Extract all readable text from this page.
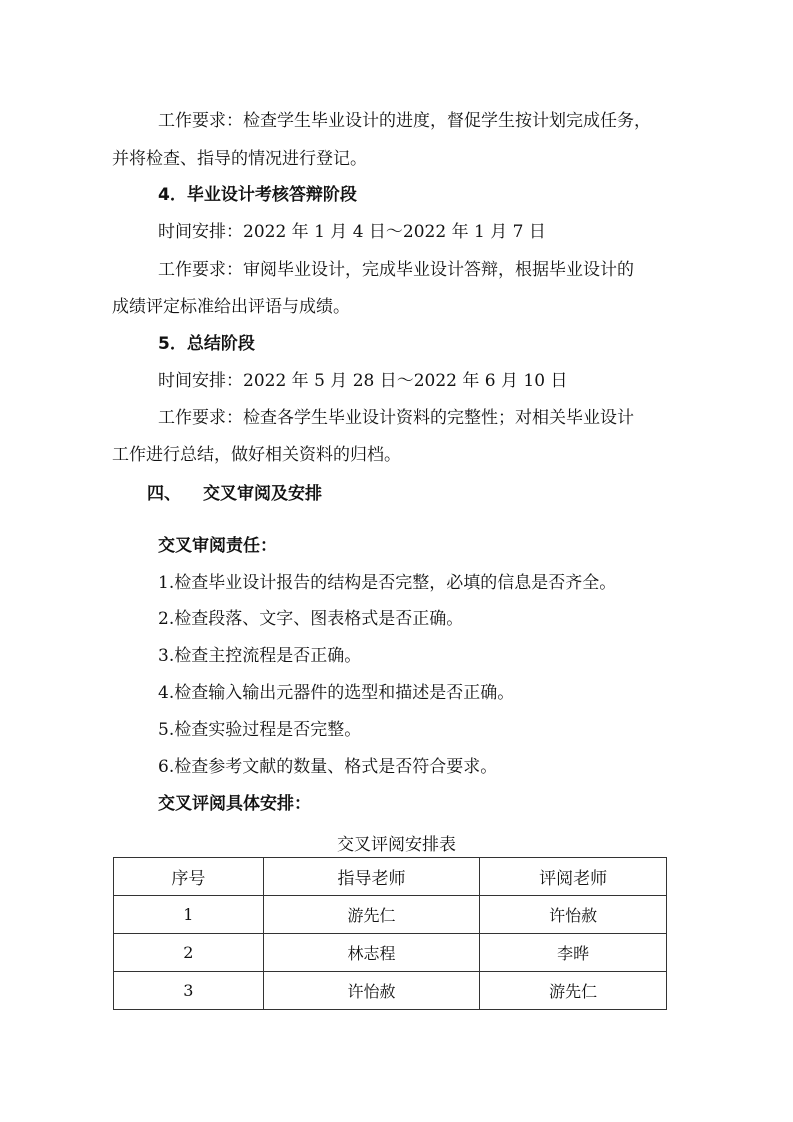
工作要求：检查学生毕业设计的进度，督促学生按计划完成任务，
并将检查、指导的情况进行登记。
4．毕业设计考核答辩阶段
时间安排：2022 年 1 月 4 日～2022 年 1 月 7 日
工作要求：审阅毕业设计，完成毕业设计答辩，根据毕业设计的
成绩评定标准给出评语与成绩。
5．总结阶段
时间安排：2022 年 5 月 28 日～2022 年 6 月 10 日
工作要求：检查各学生毕业设计资料的完整性；对相关毕业设计
工作进行总结，做好相关资料的归档。
四、 交叉审阅及安排
交叉审阅责任：
1.检查毕业设计报告的结构是否完整，必填的信息是否齐全。
2.检查段落、文字、图表格式是否正确。
3.检查主控流程是否正确。
4.检查输入输出元器件的选型和描述是否正确。
5.检查实验过程是否完整。
6.检查参考文献的数量、格式是否符合要求。
交叉评阅具体安排：
交叉评阅安排表
序号	指导老师	评阅老师
1	游先仁	许怡赦
2	林志程	李晔
3	许怡赦	游先仁
